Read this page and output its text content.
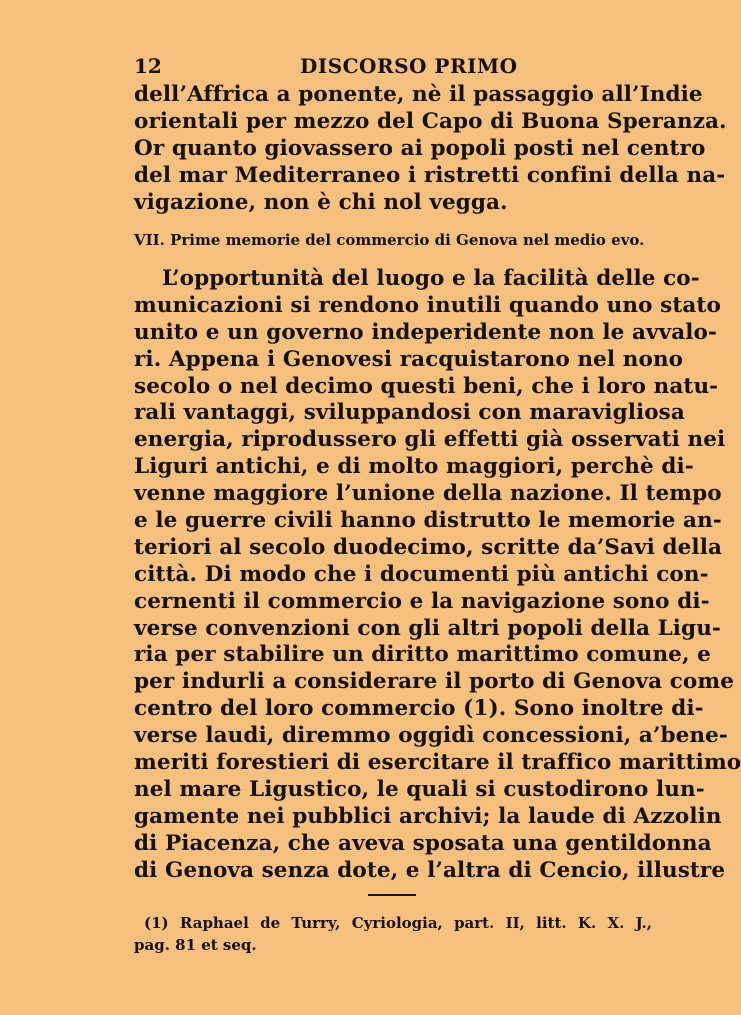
12	DISCORSO PRIMO
dell’Affrica a ponente, nè il passaggio all’Indie
orientali per mezzo del Capo di Buona Speranza.
Or quanto giovassero ai popoli posti nel centro
del mar Mediterraneo i ristretti confini della na-
vigazione, non è chi nol vegga.
VII. Prime memorie del commercio di Genova nel medio evo.
L’opportunità del luogo e la facilità delle co-
municazioni si rendono inutili quando uno stato
unito e un governo indeperidente non le avvalo-
ri. Appena i Genovesi racquistarono nel nono
secolo o nel decimo questi beni, che i loro natu-
rali vantaggi, sviluppandosi con maravigliosa
energia, riprodussero gli effetti già osservati nei
Liguri antichi, e di molto maggiori, perchè di-
venne maggiore l’unione della nazione. Il tempo
e le guerre civili hanno distrutto le memorie an-
teriori al secolo duodecimo, scritte da’Savi della
città. Di modo che i documenti più antichi con-
cernenti il commercio e la navigazione sono di-
verse convenzioni con gli altri popoli della Ligu-
ria per stabilire un diritto marittimo comune, e
per indurli a considerare il porto di Genova come
centro del loro commercio (1). Sono inoltre di-
verse laudi, diremmo oggidì concessioni, a’bene-
meriti forestieri di esercitare il traffico marittimo
nel mare Ligustico, le quali si custodirono lun-
gamente nei pubblici archivi; la laude di Azzolin
di Piacenza, che aveva sposata una gentildonna
di Genova senza dote, e l’altra di Cencio, illustre
(1) Raphael de Turry, Cyriologia, part. II, litt. K. X. J.,
pag. 81 et seq.
